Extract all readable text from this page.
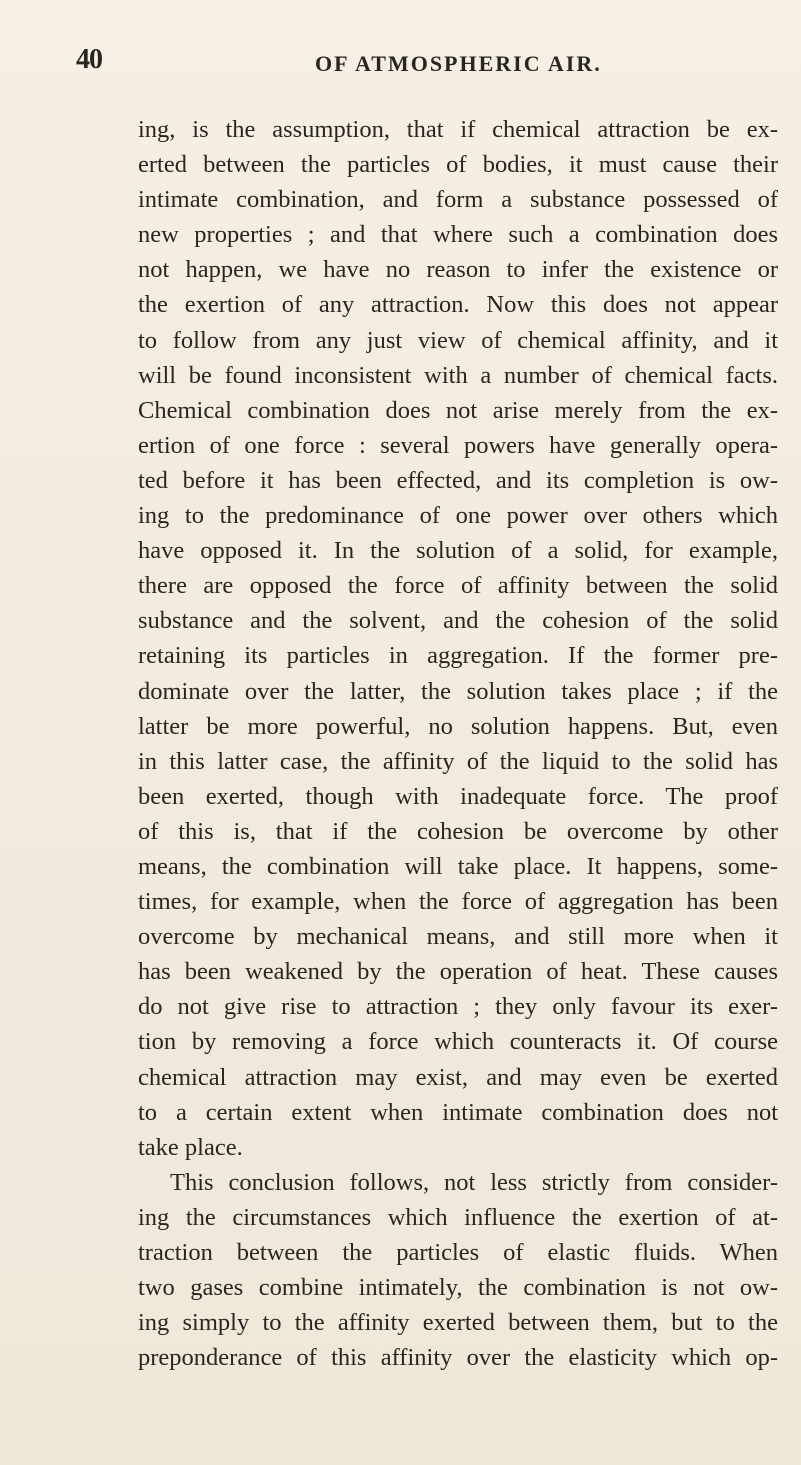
40	OF ATMOSPHERIC AIR.
ing, is the assumption, that if chemical attraction be ex-
erted between the particles of bodies, it must cause their
intimate combination, and form a substance possessed of
new properties ; and that where such a combination does
not happen, we have no reason to infer the existence or
the exertion of any attraction. Now this does not appear
to follow from any just view of chemical affinity, and it
will be found inconsistent with a number of chemical facts.
Chemical combination does not arise merely from the ex-
ertion of one force : several powers have generally opera-
ted before it has been effected, and its completion is ow-
ing to the predominance of one power over others which
have opposed it. In the solution of a solid, for example,
there are opposed the force of affinity between the solid
substance and the solvent, and the cohesion of the solid
retaining its particles in aggregation. If the former pre-
dominate over the latter, the solution takes place ; if the
latter be more powerful, no solution happens. But, even
in this latter case, the affinity of the liquid to the solid has
been exerted, though with inadequate force. The proof
of this is, that if the cohesion be overcome by other
means, the combination will take place. It happens, some-
times, for example, when the force of aggregation has been
overcome by mechanical means, and still more when it
has been weakened by the operation of heat. These causes
do not give rise to attraction ; they only favour its exer-
tion by removing a force which counteracts it. Of course
chemical attraction may exist, and may even be exerted
to a certain extent when intimate combination does not
take place.
This conclusion follows, not less strictly from consider-
ing the circumstances which influence the exertion of at-
traction between the particles of elastic fluids. When
two gases combine intimately, the combination is not ow-
ing simply to the affinity exerted between them, but to the
preponderance of this affinity over the elasticity which op-
